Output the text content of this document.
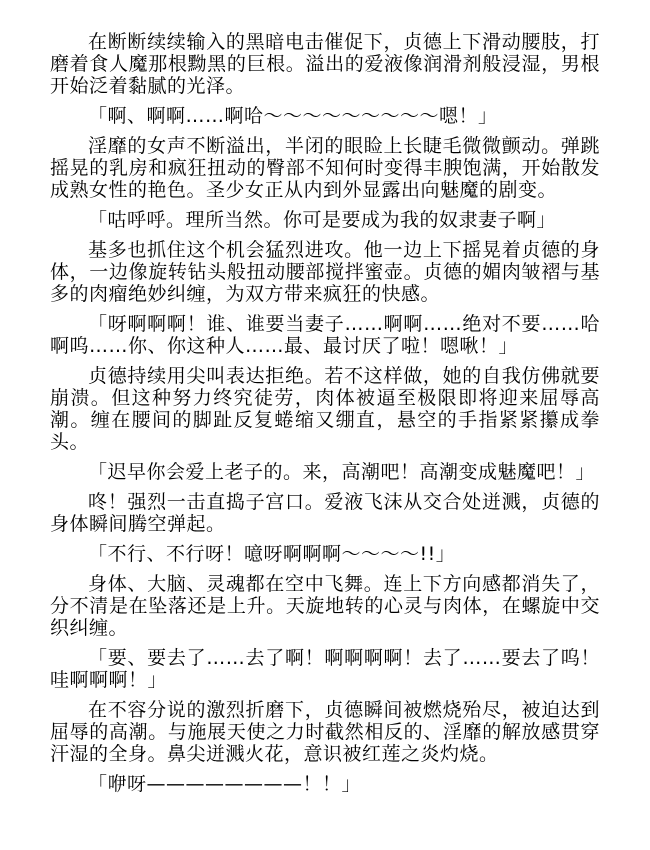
在断断续续输入的黑暗电击催促下，贞德上下滑动腰肢，打磨着食人魔那根黝黑的巨根。溢出的爱液像润滑剂般浸湿，男根开始泛着黏腻的光泽。

「啊、啊啊……啊哈～～～～～～～～～嗯！」

淫靡的女声不断溢出，半闭的眼睑上长睫毛微微颤动。弹跳摇晃的乳房和疯狂扭动的臀部不知何时变得丰腴饱满，开始散发成熟女性的艳色。圣少女正从内到外显露出向魅魔的剧变。

「咕呼呼。理所当然。你可是要成为我的奴隶妻子啊」

基多也抓住这个机会猛烈进攻。他一边上下摇晃着贞德的身体，一边像旋转钻头般扭动腰部搅拌蜜壶。贞德的媚肉皱褶与基多的肉瘤绝妙纠缠，为双方带来疯狂的快感。

「呀啊啊啊！谁、谁要当妻子……啊啊……绝对不要……哈啊呜……你、你这种人……最、最讨厌了啦！嗯啾！」

贞德持续用尖叫表达拒绝。若不这样做，她的自我仿佛就要崩溃。但这种努力终究徒劳，肉体被逼至极限即将迎来屈辱高潮。缠在腰间的脚趾反复蜷缩又绷直，悬空的手指紧紧攥成拳头。

「迟早你会爱上老子的。来，高潮吧！高潮变成魅魔吧！」

咚！强烈一击直捣子宫口。爱液飞沫从交合处迸溅，贞德的身体瞬间腾空弹起。

「不行、不行呀！噫呀啊啊啊～～～～!!」

身体、大脑、灵魂都在空中飞舞。连上下方向感都消失了，分不清是在坠落还是上升。天旋地转的心灵与肉体，在螺旋中交织纠缠。

「要、要去了……去了啊！啊啊啊啊！去了……要去了呜！哇啊啊啊！」

在不容分说的激烈折磨下，贞德瞬间被燃烧殆尽，被迫达到屈辱的高潮。与施展天使之力时截然相反的、淫靡的解放感贯穿汗湿的全身。鼻尖迸溅火花，意识被红莲之炎灼烧。

「咿呀————————！！」
